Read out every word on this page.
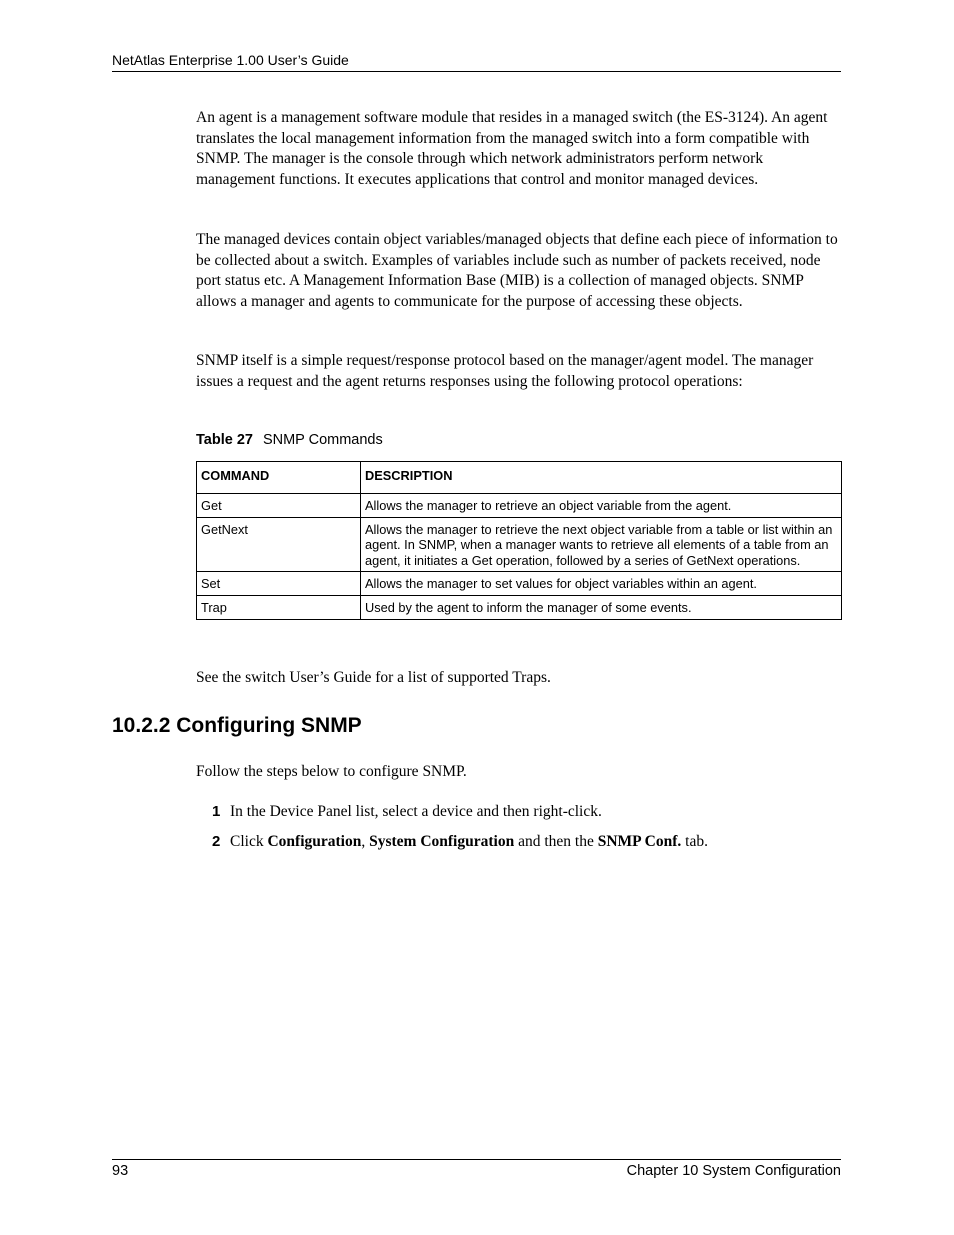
NetAtlas Enterprise 1.00 User’s Guide

An agent is a management software module that resides in a managed switch (the ES-3124). An agent translates the local management information from the managed switch into a form compatible with SNMP. The manager is the console through which network administrators perform network management functions. It executes applications that control and monitor managed devices.

The managed devices contain object variables/managed objects that define each piece of information to be collected about a switch. Examples of variables include such as number of packets received, node port status etc. A Management Information Base (MIB) is a collection of managed objects. SNMP allows a manager and agents to communicate for the purpose of accessing these objects.

SNMP itself is a simple request/response protocol based on the manager/agent model. The manager issues a request and the agent returns responses using the following protocol operations:

Table 27 SNMP Commands
COMMAND	DESCRIPTION
Get	Allows the manager to retrieve an object variable from the agent.
GetNext	Allows the manager to retrieve the next object variable from a table or list within an agent. In SNMP, when a manager wants to retrieve all elements of a table from an agent, it initiates a Get operation, followed by a series of GetNext operations.
Set	Allows the manager to set values for object variables within an agent.
Trap	Used by the agent to inform the manager of some events.

See the switch User’s Guide for a list of supported Traps.

10.2.2 Configuring SNMP

Follow the steps below to configure SNMP.

1 In the Device Panel list, select a device and then right-click.
2 Click Configuration, System Configuration and then the SNMP Conf. tab.
93	Chapter 10 System Configuration
